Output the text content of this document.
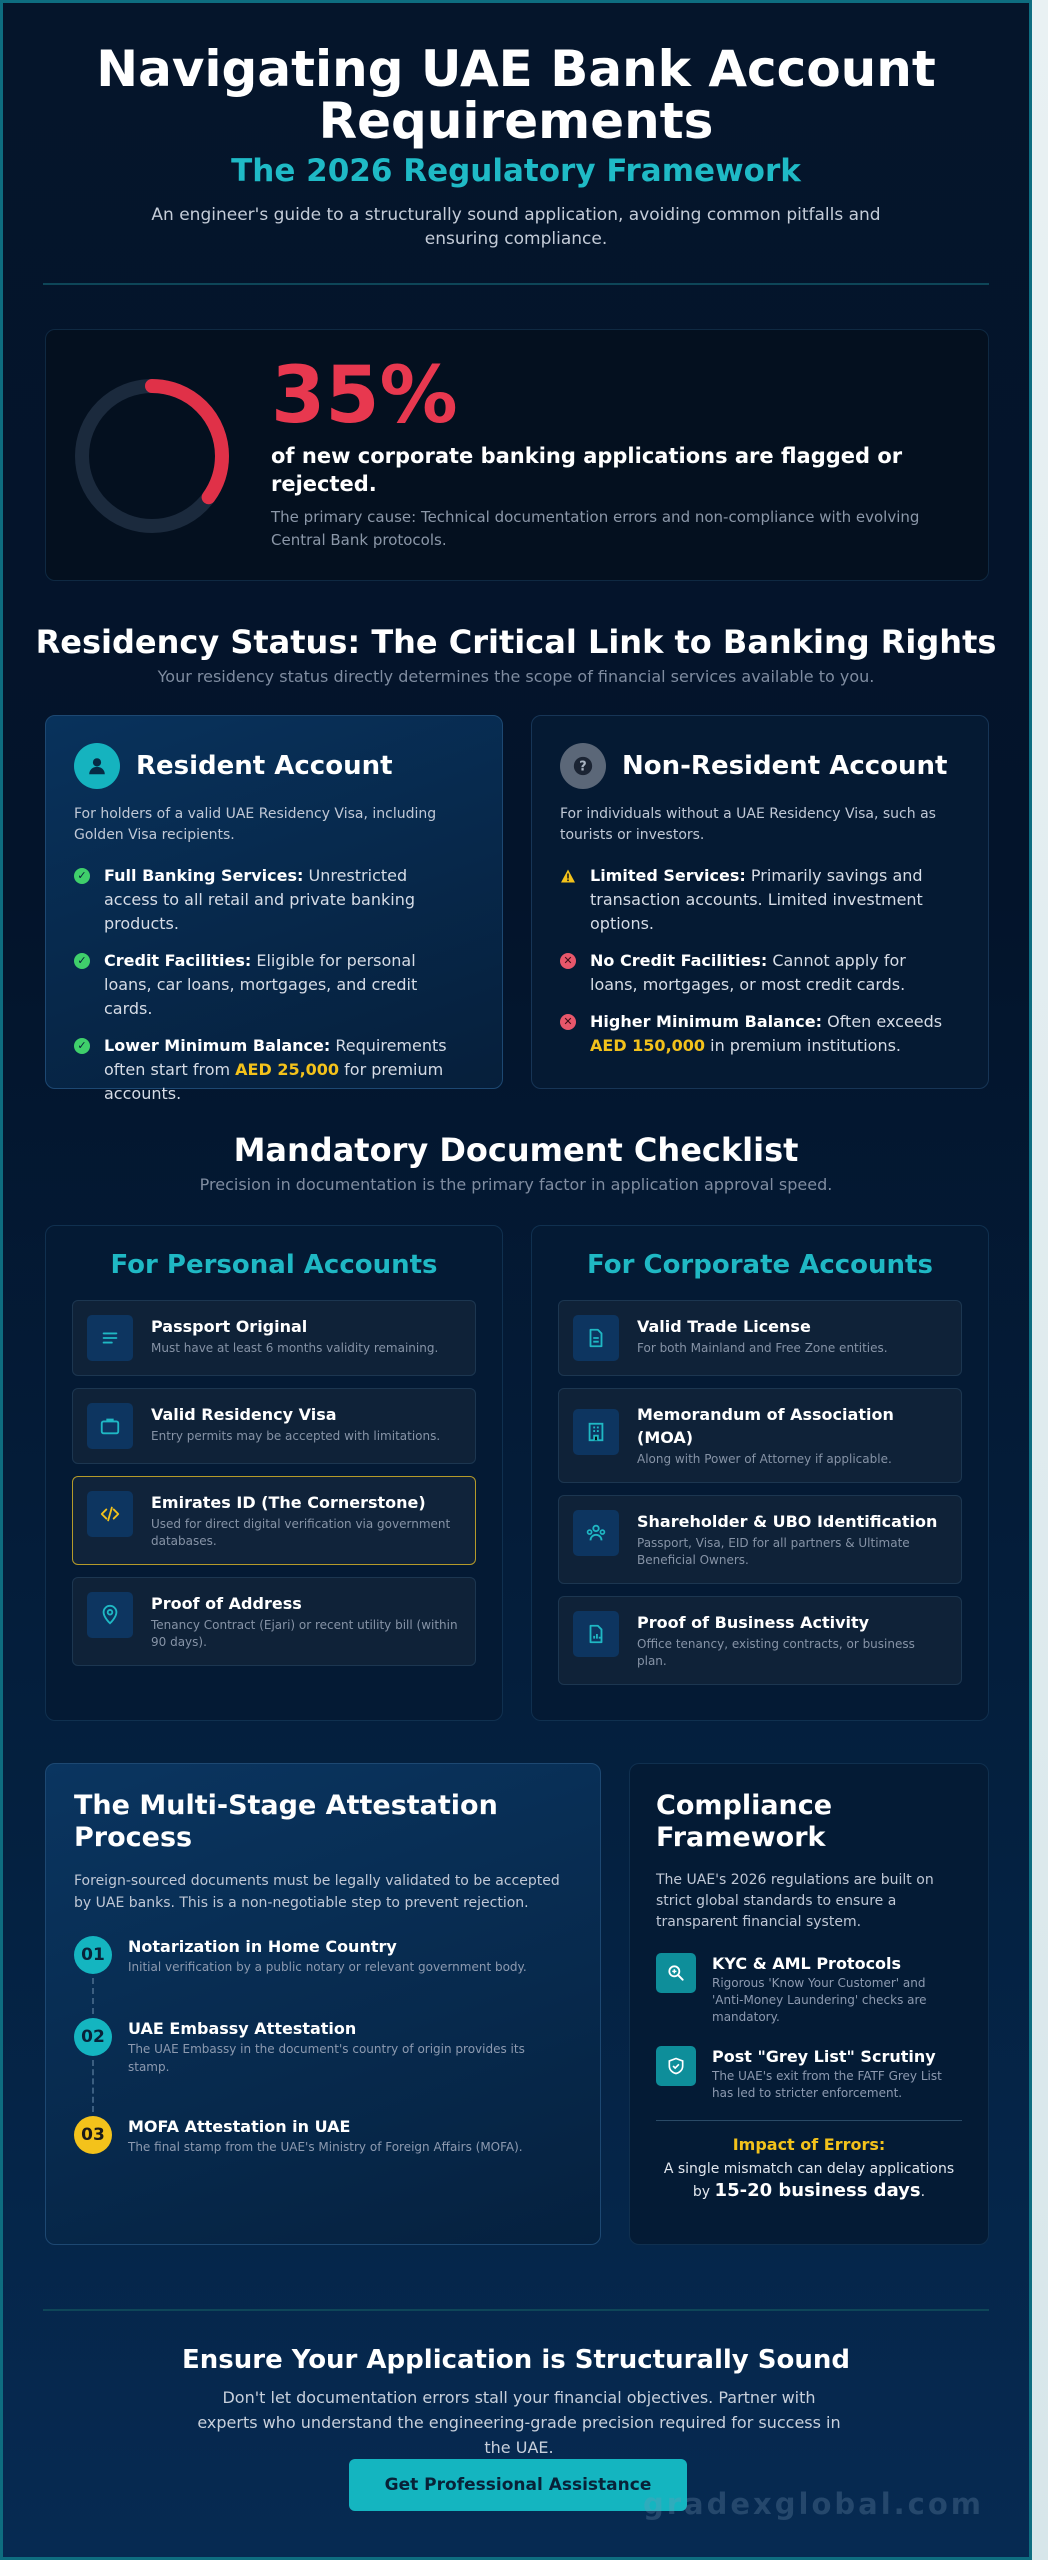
Navigating UAE Bank Account Requirements
The 2026 Regulatory Framework

An engineer's guide to a structurally sound application, avoiding common pitfalls and ensuring compliance.

35%
of new corporate banking applications are flagged or rejected.
The primary cause: Technical documentation errors and non-compliance with evolving Central Bank protocols.
Residency Status: The Critical Link to Banking Rights
Your residency status directly determines the scope of financial services available to you.
Resident Account
For holders of a valid UAE Residency Visa, including Golden Visa recipients.
✓ Full Banking Services: Unrestricted access to all retail and private banking products.
✓ Credit Facilities: Eligible for personal loans, car loans, mortgages, and credit cards.
✓ Lower Minimum Balance: Requirements often start from AED 25,000 for premium accounts.
? Non-Resident Account
For individuals without a UAE Residency Visa, such as tourists or investors.
Limited Services: Primarily savings and transaction accounts. Limited investment options.
✕ No Credit Facilities: Cannot apply for loans, mortgages, or most credit cards.
✕ Higher Minimum Balance: Often exceeds AED 150,000 in premium institutions.
Mandatory Document Checklist
Precision in documentation is the primary factor in application approval speed.
For Personal Accounts
Passport Original
Must have at least 6 months validity remaining.
Valid Residency Visa
Entry permits may be accepted with limitations.
Emirates ID (The Cornerstone)
Used for direct digital verification via government databases.
Proof of Address
Tenancy Contract (Ejari) or recent utility bill (within 90 days).
For Corporate Accounts
Valid Trade License
For both Mainland and Free Zone entities.
Memorandum of Association (MOA)
Along with Power of Attorney if applicable.
Shareholder & UBO Identification
Passport, Visa, EID for all partners & Ultimate Beneficial Owners.
Proof of Business Activity
Office tenancy, existing contracts, or business plan.
The Multi-Stage Attestation Process
Foreign-sourced documents must be legally validated to be accepted by UAE banks. This is a non-negotiable step to prevent rejection.
01	Notarization in Home Country
Initial verification by a public notary or relevant government body.
02	UAE Embassy Attestation
The UAE Embassy in the document's country of origin provides its stamp.
03	MOFA Attestation in UAE
The final stamp from the UAE's Ministry of Foreign Affairs (MOFA).
Compliance Framework
The UAE's 2026 regulations are built on strict global standards to ensure a transparent financial system.
KYC & AML Protocols
Rigorous 'Know Your Customer' and 'Anti-Money Laundering' checks are mandatory.
Post "Grey List" Scrutiny
The UAE's exit from the FATF Grey List has led to stricter enforcement.
Impact of Errors:
A single mismatch can delay applications by 15-20 business days.
Ensure Your Application is Structurally Sound
Don't let documentation errors stall your financial objectives. Partner with experts who understand the engineering-grade precision required for success in the UAE.
Get Professional Assistance
gradexglobal.com
